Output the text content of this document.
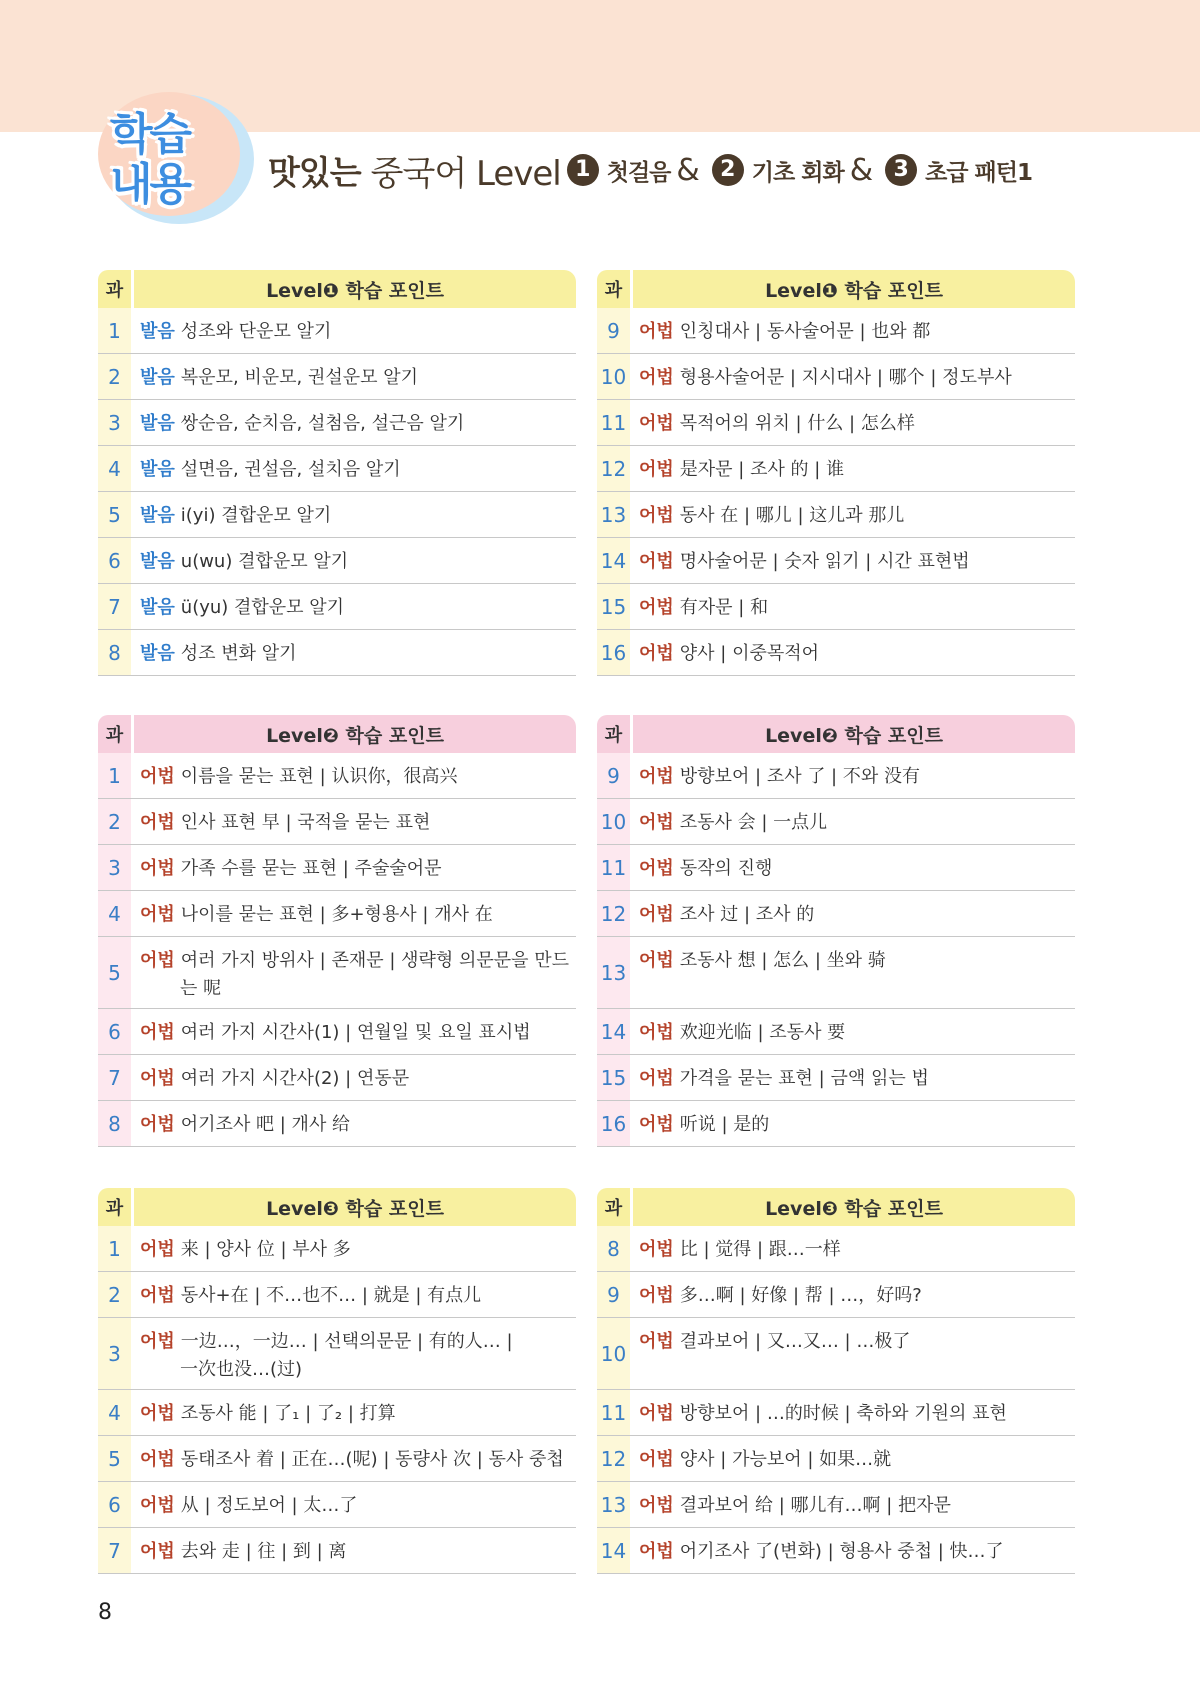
학습
내용 맛있는 중국어 Level 1 첫걸음 & 2 기초 회화 & 3 초급 패턴1
과	Level❶ 학습 포인트
1	발음 성조와 단운모 알기
2	발음 복운모, 비운모, 권설운모 알기
3	발음 쌍순음, 순치음, 설첨음, 설근음 알기
4	발음 설면음, 권설음, 설치음 알기
5	발음 i(yi) 결합운모 알기
6	발음 u(wu) 결합운모 알기
7	발음 ü(yu) 결합운모 알기
8	발음 성조 변화 알기
과	Level❶ 학습 포인트
9	어법 인칭대사 | 동사술어문 | 也와 都
10 어법 형용사술어문 | 지시대사 | 哪个 | 정도부사
11 어법 목적어의 위치 | 什么 | 怎么样
12 어법 是자문 | 조사 的 | 谁
13 어법 동사 在 | 哪儿 | 这儿과 那儿
14 어법 명사술어문 | 숫자 읽기 | 시간 표현법
15 어법 有자문 | 和
16 어법 양사 | 이중목적어
과	Level❷ 학습 포인트
1	어법 이름을 묻는 표현 | 认识你，很高兴
2	어법 인사 표현 早 | 국적을 묻는 표현
3	어법 가족 수를 묻는 표현 | 주술술어문
4	어법 나이를 묻는 표현 | 多+형용사 | 개사 在
5	어법 여러 가지 방위사 | 존재문 | 생략형 의문문을 만드
는 呢
6	어법 여러 가지 시간사(1) | 연월일 및 요일 표시법
7	어법 여러 가지 시간사(2) | 연동문
8	어법 어기조사 吧 | 개사 给
과	Level❷ 학습 포인트
9	어법 방향보어 | 조사 了 | 不와 没有
10 어법 조동사 会 | 一点儿
11 어법 동작의 진행
12 어법 조사 过 | 조사 的
13 어법 조동사 想 | 怎么 | 坐와 骑
14 어법 欢迎光临 | 조동사 要
15 어법 가격을 묻는 표현 | 금액 읽는 법
16 어법 听说 | 是的
과	Level❸ 학습 포인트
1	어법 来 | 양사 位 | 부사 多
2	어법 동사+在 | 不…也不… | 就是 | 有点儿
3	어법 一边…，一边… | 선택의문문 | 有的人… |
一次也没…(过)
4	어법 조동사 能 | 了₁ | 了₂ | 打算
5	어법 동태조사 着 | 正在…(呢) | 동량사 次 | 동사 중첩
6	어법 从 | 정도보어 | 太…了
7	어법 去와 走 | 往 | 到 | 离
과	Level❸ 학습 포인트
8	어법 比 | 觉得 | 跟…一样
9	어법 多…啊 | 好像 | 帮 | …，好吗?
10 어법 결과보어 | 又…又… | …极了
11 어법 방향보어 | …的时候 | 축하와 기원의 표현
12 어법 양사 | 가능보어 | 如果…就
13 어법 결과보어 给 | 哪儿有…啊 | 把자문
14 어법 어기조사 了(변화) | 형용사 중첩 | 快…了
8
